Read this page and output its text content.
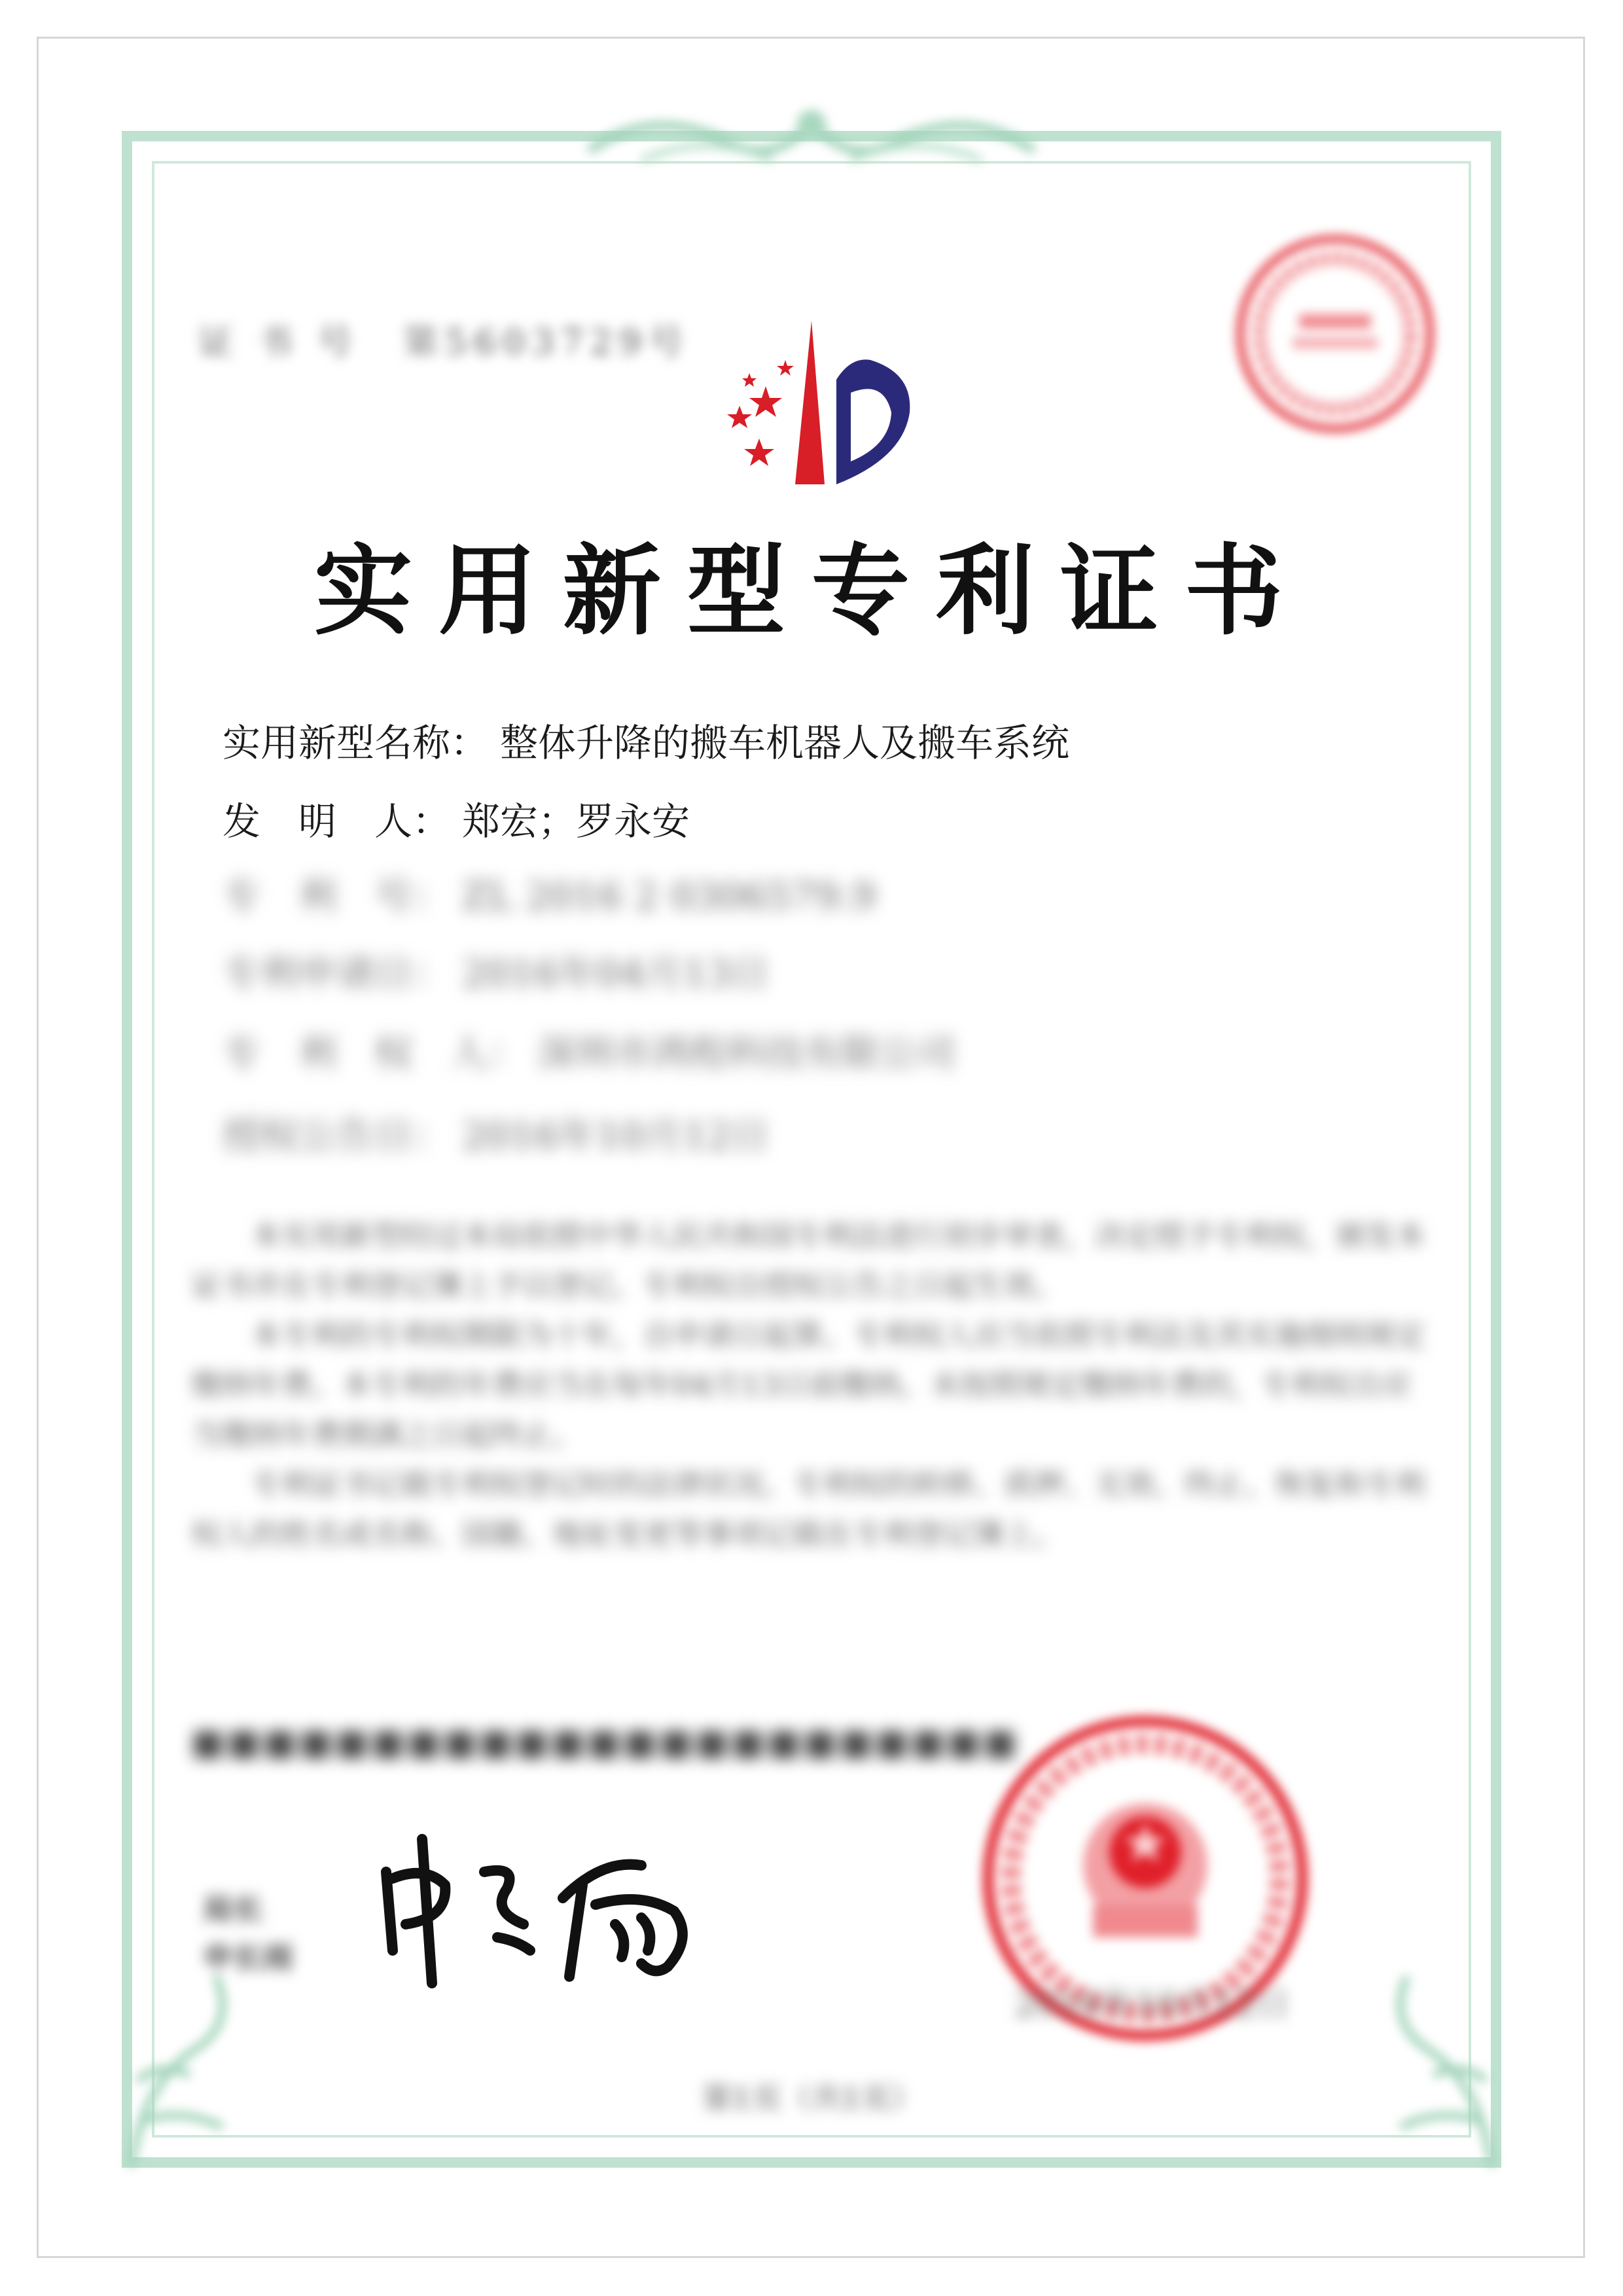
证 书 号 第5603729号
实用新型专利证书
实用新型名称： 整体升降的搬车机器人及搬车系统
发　明　人： 郑宏；罗永安
专　利　号： ZL 2016 2 0306579.9
专利申请日： 2016年04月13日
专　利　权　人： 深圳市鸿程科技有限公司
授权公告日： 2016年10月12日

本实用新型经过本局依照中华人民共和国专利法进行初步审查，决定授予专利权，颁发本证书并在专利登记簿上予以登记。专利权自授权公告之日起生效。

本专利的专利权期限为十年，自申请日起算。专利权人应当依照专利法及其实施细则规定缴纳年费。本专利的年费应当在每年04月13日前缴纳。未按照规定缴纳年费的，专利权自应当缴纳年费期满之日起终止。

专利证书记载专利权登记时的法律状况。专利权的转移、质押、无效、终止、恢复和专利权人的姓名或名称、国籍、地址变更等事项记载在专利登记簿上。

■■■■■■■■■■■■■■■■■■■■■■■
局长
申长雨
2016年10月12日
第1页（共1页）
